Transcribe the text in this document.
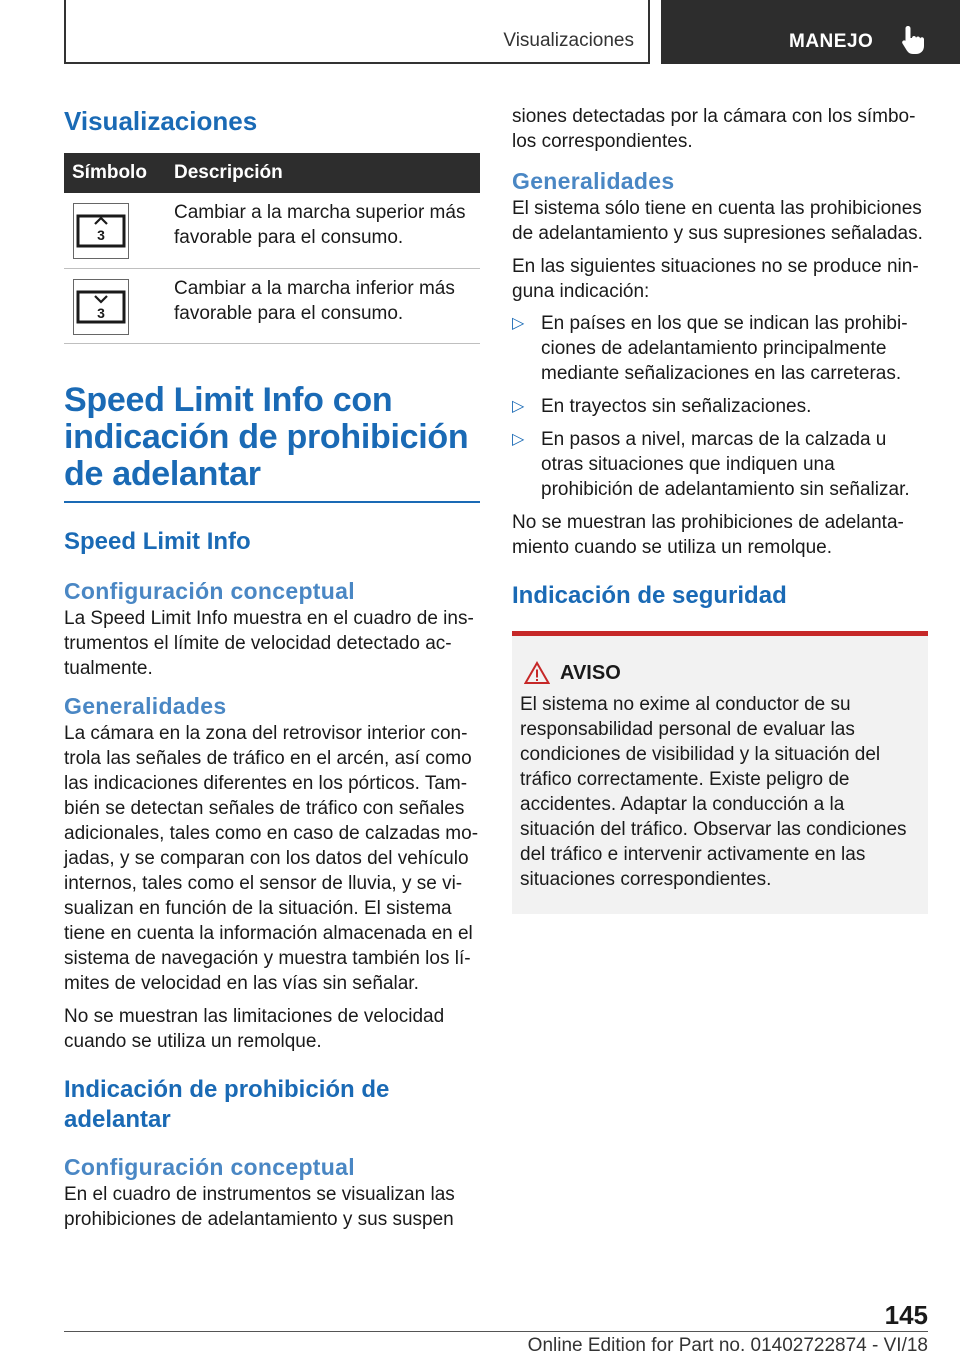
Visualizaciones	MANEJO
Visualizaciones
Símbolo	Descripción

3	Cambiar a la marcha superior más favorable para el consumo.

3	Cambiar a la marcha inferior más favorable para el consumo.
Speed Limit Info con indicación de prohibición de adelantar
Speed Limit Info
Configuración conceptual

La Speed Limit Info muestra en el cuadro de instrumentos el límite de velocidad detectado actualmente.

Generalidades

La cámara en la zona del retrovisor interior controla las señales de tráfico en el arcén, así como las indicaciones diferentes en los pórticos. También se detectan señales de tráfico con señales adicionales, tales como en caso de calzadas mojadas, y se comparan con los datos del vehículo internos, tales como el sensor de lluvia, y se visualizan en función de la situación. El sistema tiene en cuenta la información almacenada en el sistema de navegación y muestra también los límites de velocidad en las vías sin señalar.

No se muestran las limitaciones de velocidad cuando se utiliza un remolque.

Indicación de prohibición de adelantar
Configuración conceptual

En el cuadro de instrumentos se visualizan las prohibiciones de adelantamiento y sus suspen

siones detectadas por la cámara con los símbolos correspondientes.

Generalidades

El sistema sólo tiene en cuenta las prohibiciones de adelantamiento y sus supresiones señaladas.

En las siguientes situaciones no se produce ninguna indicación:

▷ En países en los que se indican las prohibiciones de adelantamiento principalmente mediante señalizaciones en las carreteras.
▷ En trayectos sin señalizaciones.
▷ En pasos a nivel, marcas de la calzada u otras situaciones que indiquen una prohibición de adelantamiento sin señalizar.

No se muestran las prohibiciones de adelantamiento cuando se utiliza un remolque.

Indicación de seguridad
AVISO

El sistema no exime al conductor de su responsabilidad personal de evaluar las condiciones de visibilidad y la situación del tráfico correctamente. Existe peligro de accidentes. Adaptar la conducción a la situación del tráfico. Observar las condiciones del tráfico e intervenir activamente en las situaciones correspondientes.

145
Online Edition for Part no. 01402722874 - VI/18
